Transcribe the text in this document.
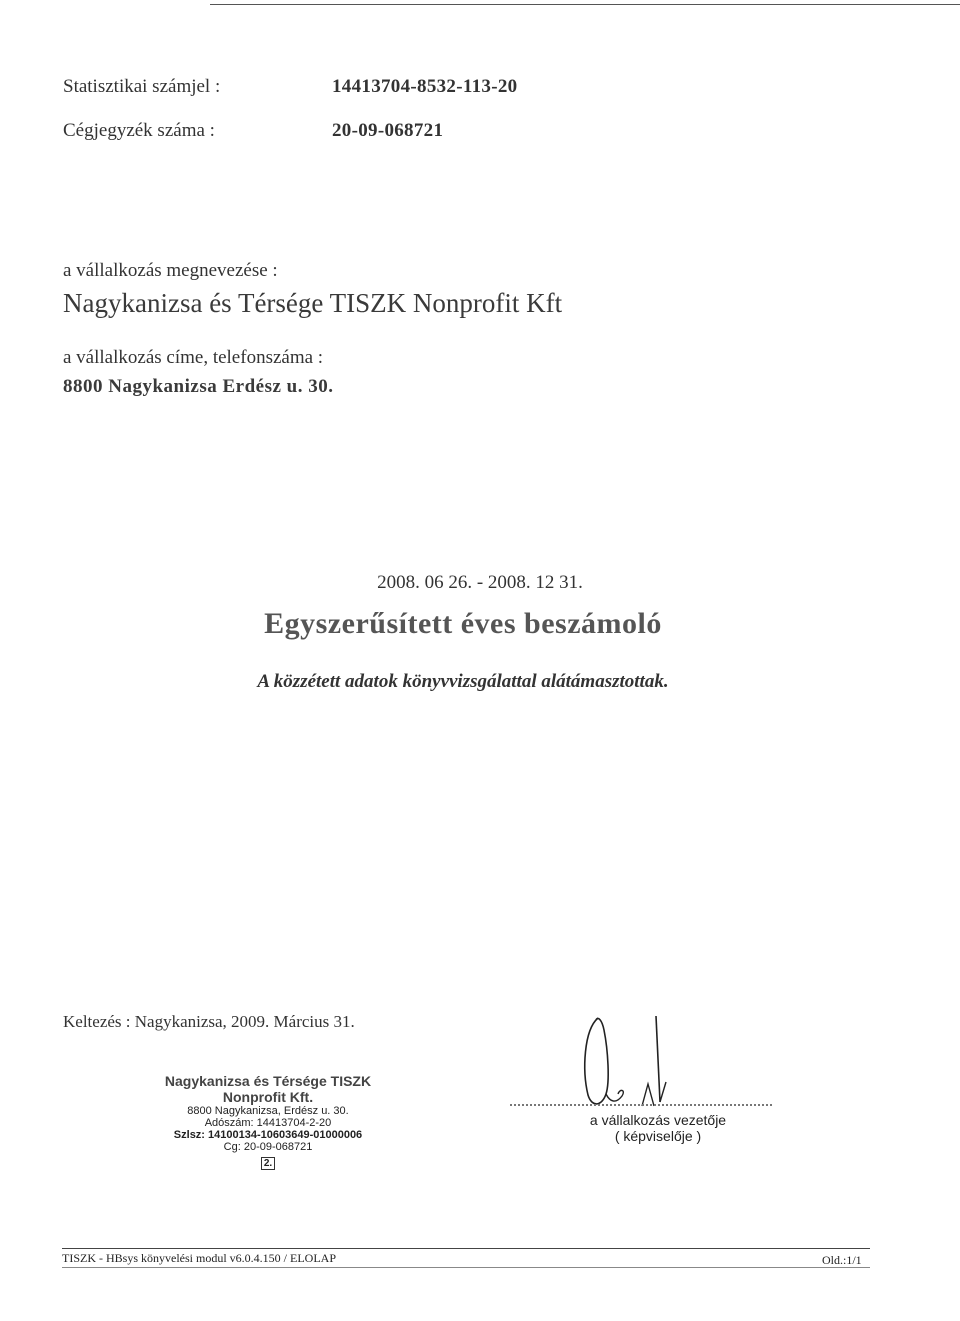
Statisztikai számjel :	14413704-8532-113-20
Cégjegyzék száma :	20-09-068721
a vállalkozás megnevezése :
Nagykanizsa és Térsége TISZK Nonprofit Kft
a vállalkozás címe, telefonszáma :
8800 Nagykanizsa Erdész u. 30.
2008. 06 26. - 2008. 12 31.
Egyszerűsített éves beszámoló
A közzétett adatok könyvvizsgálattal alátámasztottak.
Keltezés : Nagykanizsa, 2009. Március 31.
Nagykanizsa és Térsége TISZK
Nonprofit Kft.
8800 Nagykanizsa, Erdész u. 30.
Adószám: 14413704-2-20
Szlsz: 14100134-10603649-01000006
Cg: 20-09-068721
2.
a vállalkozás vezetője
( képviselője )
TISZK - HBsys könyvelési modul v6.0.4.150 / ELOLAP	Old.:1/1
